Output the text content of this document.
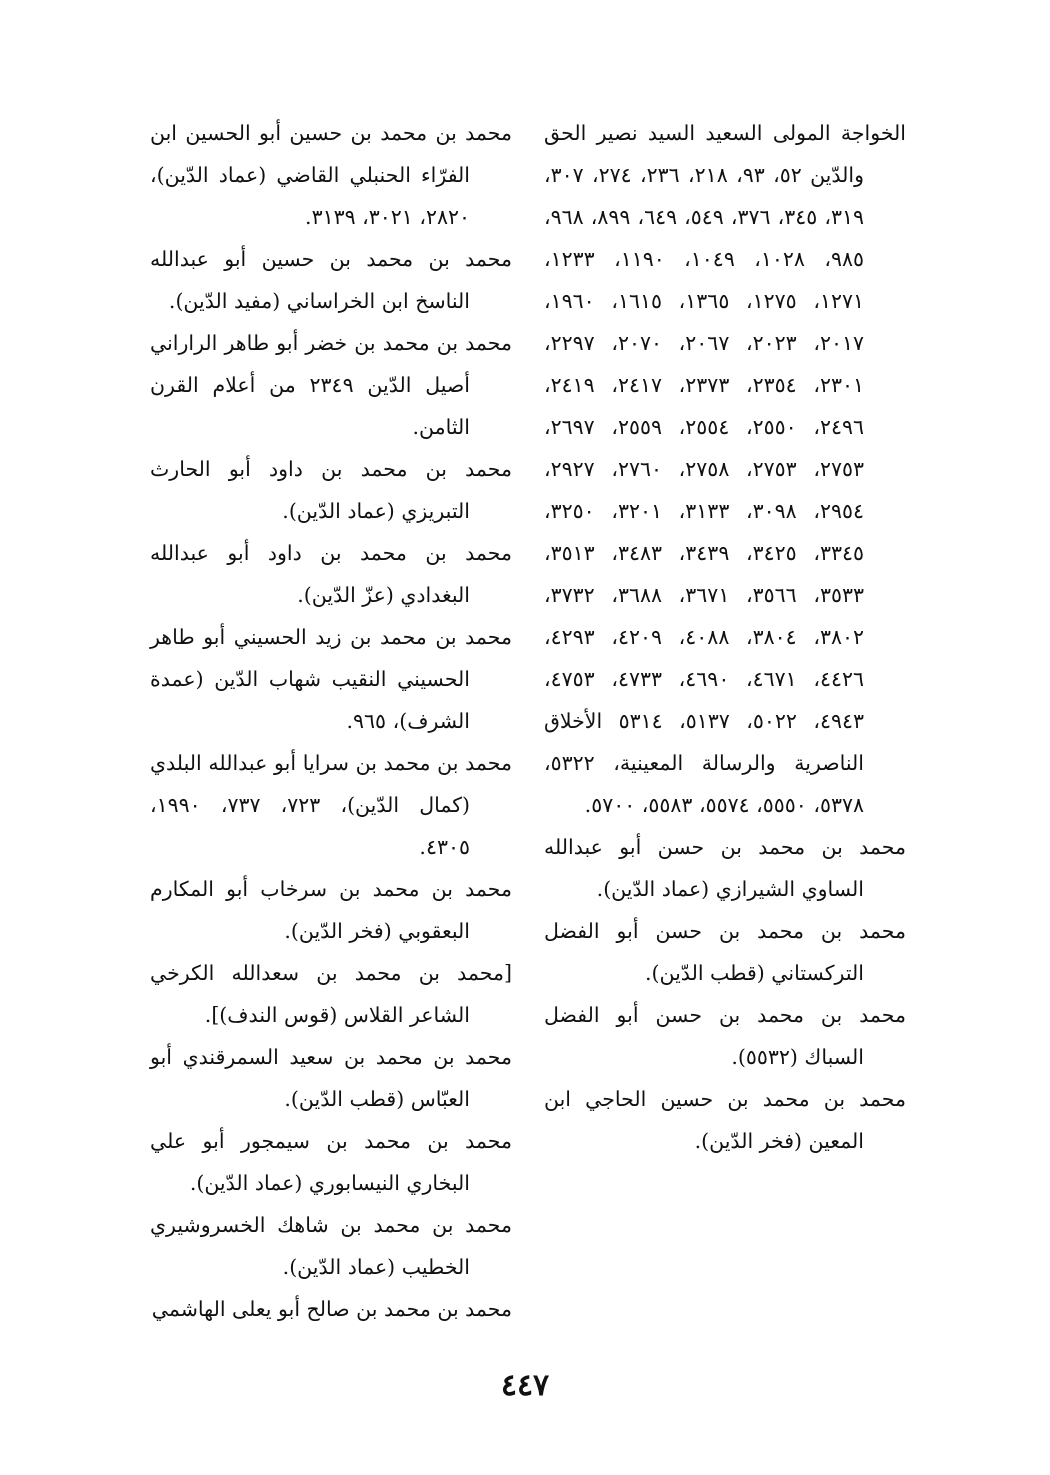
الخواجة المولى السعيد السيد نصير الحق والدّين ٥٢، ٩٣، ٢١٨، ٢٣٦، ٢٧٤، ٣٠٧، ٣١٩، ٣٤٥، ٣٧٦، ٥٤٩، ٦٤٩، ٨٩٩، ٩٦٨، ٩٨٥، ١٠٢٨، ١٠٤٩، ١١٩٠، ١٢٣٣، ١٢٧١، ١٢٧٥، ١٣٦٥، ١٦١٥، ١٩٦٠، ٢٠١٧، ٢٠٢٣، ٢٠٦٧، ٢٠٧٠، ٢٢٩٧، ٢٣٠١، ٢٣٥٤، ٢٣٧٣، ٢٤١٧، ٢٤١٩، ٢٤٩٦، ٢٥٥٠، ٢٥٥٤، ٢٥٥٩، ٢٦٩٧، ٢٧٥٣، ٢٧٥٣، ٢٧٥٨، ٢٧٦٠، ٢٩٢٧، ٢٩٥٤، ٣٠٩٨، ٣١٣٣، ٣٢٠١، ٣٢٥٠، ٣٣٤٥، ٣٤٢٥، ٣٤٣٩، ٣٤٨٣، ٣٥١٣، ٣٥٣٣، ٣٥٦٦، ٣٦٧١، ٣٦٨٨، ٣٧٣٢، ٣٨٠٢، ٣٨٠٤، ٤٠٨٨، ٤٢٠٩، ٤٢٩٣، ٤٤٢٦، ٤٦٧١، ٤٦٩٠، ٤٧٣٣، ٤٧٥٣، ٤٩٤٣، ٥٠٢٢، ٥١٣٧، ٥٣١٤ الأخلاق الناصرية والرسالة المعينية، ٥٣٢٢، ٥٣٧٨، ٥٥٥٠، ٥٥٧٤، ٥٥٨٣، ٥٧٠٠.

محمد بن محمد بن حسن أبو عبدالله الساوي الشيرازي (عماد الدّين).

محمد بن محمد بن حسن أبو الفضل التركستاني (قطب الدّين).

محمد بن محمد بن حسن أبو الفضل السباك (٥٥٣٢).

محمد بن محمد بن حسين الحاجي ابن المعين (فخر الدّين).

محمد بن محمد بن حسين أبو الحسين ابن الفرّاء الحنبلي القاضي (عماد الدّين)، ٢٨٢٠، ٣٠٢١، ٣١٣٩.

محمد بن محمد بن حسين أبو عبدالله الناسخ ابن الخراساني (مفيد الدّين).

محمد بن محمد بن خضر أبو طاهر الراراني أصيل الدّين ٢٣٤٩ من أعلام القرن الثامن.

محمد بن محمد بن داود أبو الحارث التبريزي (عماد الدّين).

محمد بن محمد بن داود أبو عبدالله البغدادي (عزّ الدّين).

محمد بن محمد بن زيد الحسيني أبو طاهر الحسيني النقيب شهاب الدّين (عمدة الشرف)، ٩٦٥.

محمد بن محمد بن سرايا أبو عبدالله البلدي (كمال الدّين)، ٧٢٣، ٧٣٧، ١٩٩٠، ٤٣٠٥.

محمد بن محمد بن سرخاب أبو المكارم البعقوبي (فخر الدّين).

[محمد بن محمد بن سعدالله الكرخي الشاعر القلاس (قوس الندف)].

محمد بن محمد بن سعيد السمرقندي أبو العبّاس (قطب الدّين).

محمد بن محمد بن سيمجور أبو علي البخاري النيسابوري (عماد الدّين).

محمد بن محمد بن شاهك الخسروشيري الخطيب (عماد الدّين).

محمد بن محمد بن صالح أبو يعلى الهاشمي

٤٤٧
